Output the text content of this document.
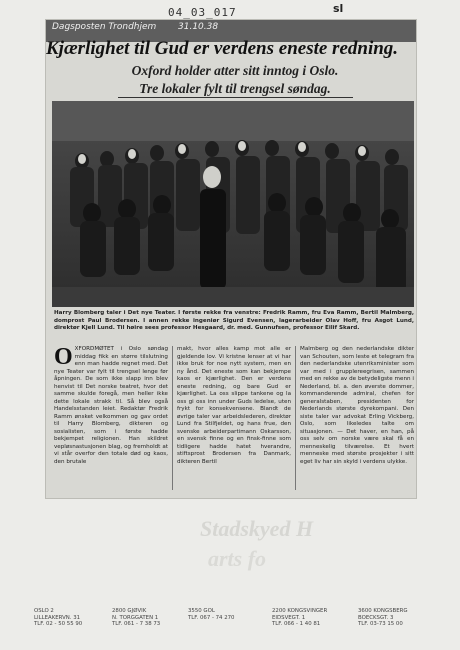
04_03_017	sl
Dagsposten Trondhjem 31.10.38
Kjærlighet til Gud er verdens eneste redning.
Oxford holder atter sitt inntog i Oslo.
Tre lokaler fylt til trengsel søndag.
Harry Blomberg taler i Det nye Teater. I første rekke fra venstre: Fredrik Ramm, fru Eva Ramm, Bertil Malmberg, domprost Paul Brodersen. I annen rekke ingeniør Sigurd Evensen, lagerarbeider Olav Hoff, fru Asgot Lund, direktør Kjell Lund. Til høire sees professor Hesgaard, dr. med. Gunnufsen, professor Eilif Skard.
OXFORDMØTET i Oslo søndag middag fikk en større tilslutning enn man hadde regnet med. Det nye Teater var fylt til trengsel lenge før åpningen. De som ikke slapp inn blev henvist til Det norske teatret, hvor det samme skulde foregå, men heller ikke dette lokale strakk til. Så blev også Handelsstanden leiet. Redaktør Fredrik Ramm ønsket velkommen og gav ordet til Harry Blomberg, dikteren og sosialisten, som i første hadde bekjempet religionen. Han skildret vepløsnastusjonen blag, og fremholdt at vi står overfor den totale død og kaos, den brutale
makt, hvor alles kamp mot alle er gjeldende lov. Vi kristne lenser at vi har ikke bruk for noe nytt system, men en ny ånd. Det eneste som kan bekjempe kaos er kjærlighet. Den er verdens eneste redning, og bare Gud er kjærlighet. La oss slippe tankene og la oss gi oss inn under Guds ledelse, uten frykt for konsekvensene. Blandt de øvrige taler var arbeidslederen, direktør Lund fra Stilfjeldet, og hans frue, den svenske arbeiderpartimann Oskarsson, en svensk finne og en finsk-finne som tidligere hadde hatet hverandre, stiftsprost Brodersen fra Danmark, dikteren Bertil
Malmberg og den nederlandske dikter van Schouten, som leste et telegram fra den nederlandske utenriksminister som var med i grupplereegrisen, sammen med en rekke av de betydeligste menn i Nederland, bl. a. den øverste dommer, kommanderende admiral, chefen for generalstaben, presidenten for Nederlands største dyrekompani. Den siste taler var advokat Erling Vickberg, Oslo, som likeledes talte om situasjonen. — Det haver, en han, på oss selv om norske være skal få en menneskelig tilværelse. Et hvert menneske med største prosjekter i sitt eget liv har sin skyld i verdens ulykke.
Stadskyed H
arts fo
OSLO 2
LILLEAKERVN. 31
TLF. 02 - 50 55 90
2800 GJØVIK
N. TORGGATEN 1
TLF. 061 - 7 38 73
3550 GOL
TLF. 067 - 74 270
2200 KONGSVINGER
EIDSVEGT. 1
TLF. 066 - 1 40 81
3600 KONGSBERG
BOECKSGT. 3
TLF. 03-73 15 00
